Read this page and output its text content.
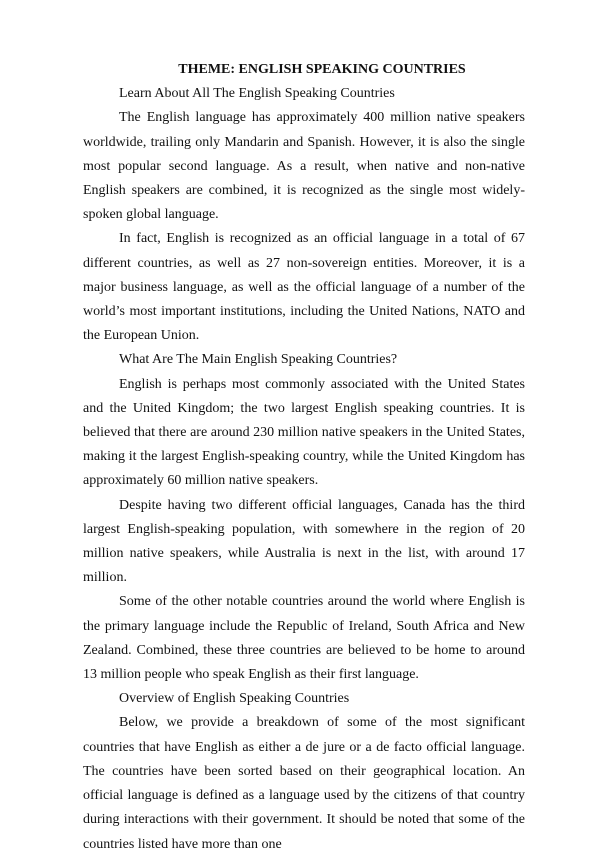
THEME: ENGLISH SPEAKING COUNTRIES

Learn About All The English Speaking Countries

The English language has approximately 400 million native speakers worldwide, trailing only Mandarin and Spanish. However, it is also the single most popular second language. As a result, when native and non-native English speakers are combined, it is recognized as the single most widely-spoken global language.

In fact, English is recognized as an official language in a total of 67 different countries, as well as 27 non-sovereign entities. Moreover, it is a major business language, as well as the official language of a number of the world’s most important institutions, including the United Nations, NATO and the European Union.

What Are The Main English Speaking Countries?

English is perhaps most commonly associated with the United States and the United Kingdom; the two largest English speaking countries. It is believed that there are around 230 million native speakers in the United States, making it the largest English-speaking country, while the United Kingdom has approximately 60 million native speakers.

Despite having two different official languages, Canada has the third largest English-speaking population, with somewhere in the region of 20 million native speakers, while Australia is next in the list, with around 17 million.

Some of the other notable countries around the world where English is the primary language include the Republic of Ireland, South Africa and New Zealand. Combined, these three countries are believed to be home to around 13 million people who speak English as their first language.

Overview of English Speaking Countries

Below, we provide a breakdown of some of the most significant countries that have English as either a de jure or a de facto official language. The countries have been sorted based on their geographical location. An official language is defined as a language used by the citizens of that country during interactions with their government. It should be noted that some of the countries listed have more than one
